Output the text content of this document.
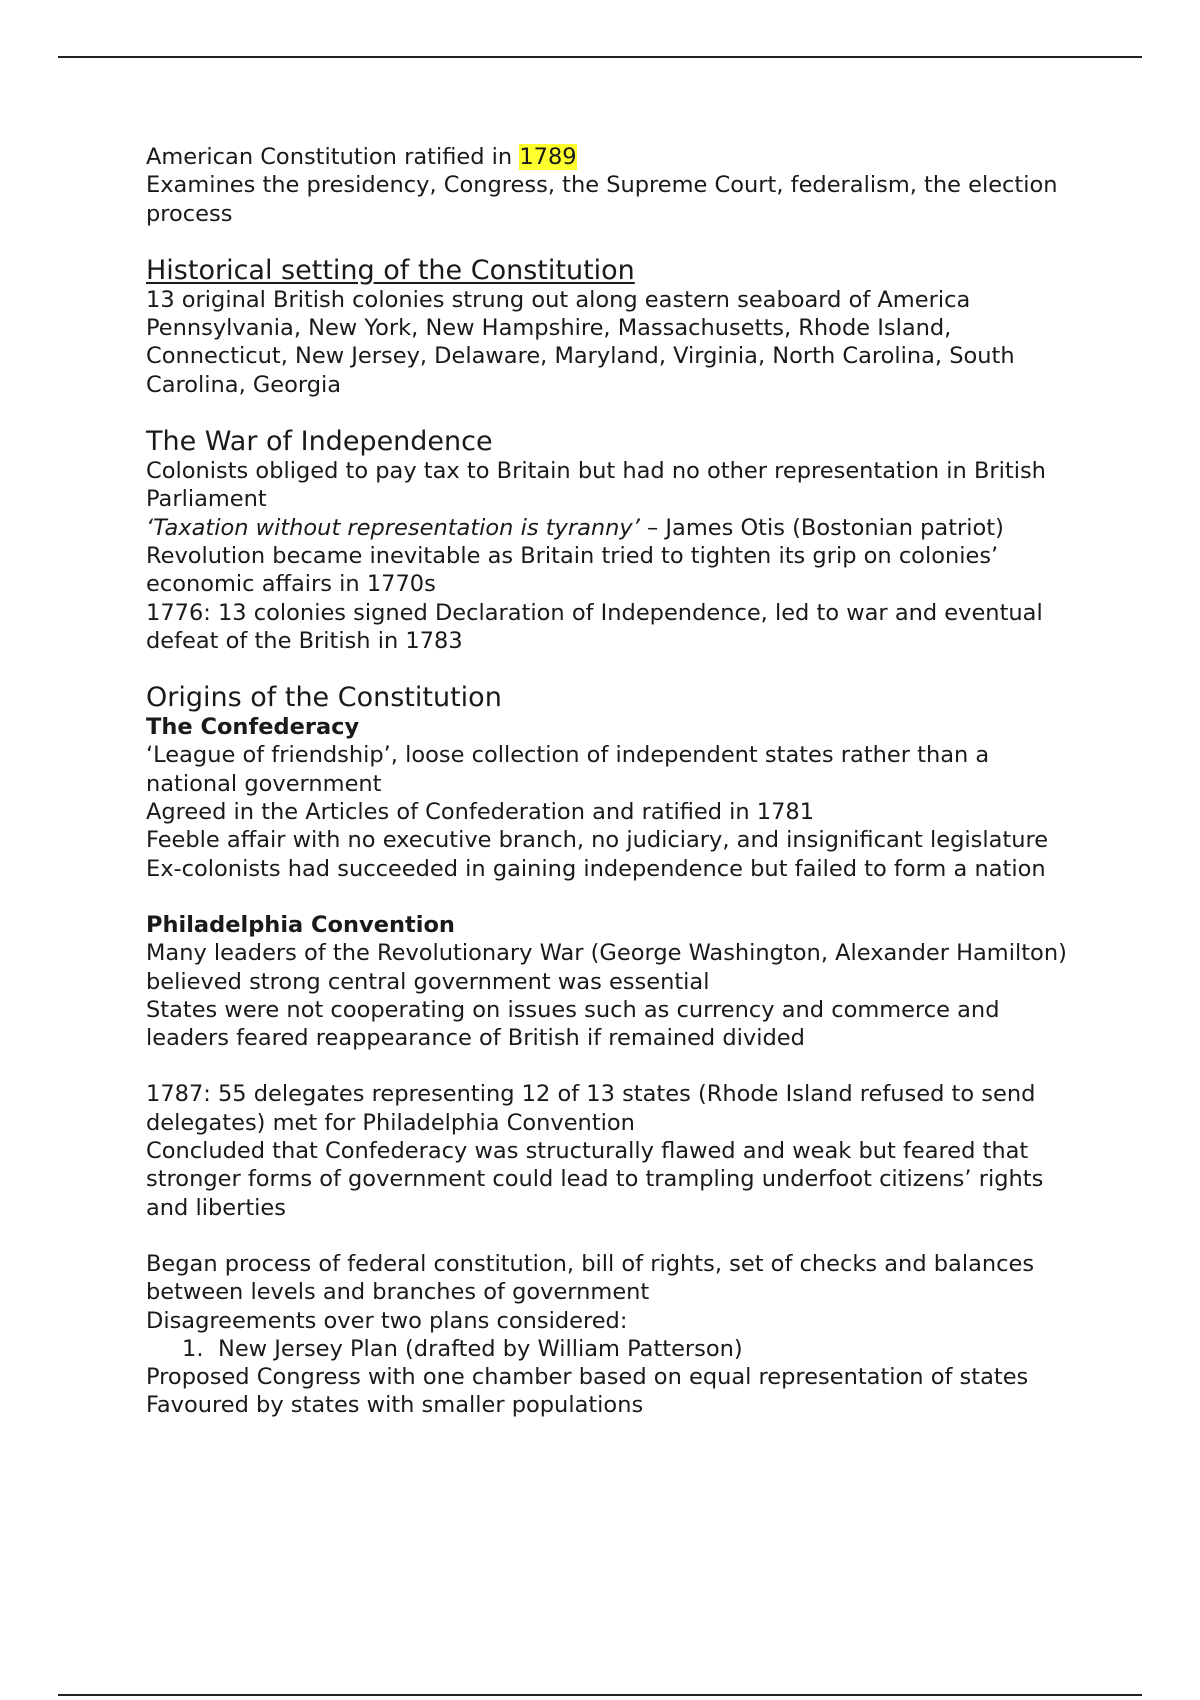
American Constitution ratified in 1789

Examines the presidency, Congress, the Supreme Court, federalism, the election process

Historical setting of the Constitution

13 original British colonies strung out along eastern seaboard of America

Pennsylvania, New York, New Hampshire, Massachusetts, Rhode Island, Connecticut, New Jersey, Delaware, Maryland, Virginia, North Carolina, South Carolina, Georgia

The War of Independence

Colonists obliged to pay tax to Britain but had no other representation in British Parliament

‘Taxation without representation is tyranny’ – James Otis (Bostonian patriot)

Revolution became inevitable as Britain tried to tighten its grip on colonies’ economic affairs in 1770s

1776: 13 colonies signed Declaration of Independence, led to war and eventual defeat of the British in 1783

Origins of the Constitution

The Confederacy

‘League of friendship’, loose collection of independent states rather than a national government

Agreed in the Articles of Confederation and ratified in 1781

Feeble affair with no executive branch, no judiciary, and insignificant legislature

Ex-colonists had succeeded in gaining independence but failed to form a nation

Philadelphia Convention

Many leaders of the Revolutionary War (George Washington, Alexander Hamilton) believed strong central government was essential

States were not cooperating on issues such as currency and commerce and leaders feared reappearance of British if remained divided

1787: 55 delegates representing 12 of 13 states (Rhode Island refused to send delegates) met for Philadelphia Convention

Concluded that Confederacy was structurally flawed and weak but feared that stronger forms of government could lead to trampling underfoot citizens’ rights and liberties

Began process of federal constitution, bill of rights, set of checks and balances between levels and branches of government

Disagreements over two plans considered:

1. New Jersey Plan (drafted by William Patterson)

Proposed Congress with one chamber based on equal representation of states

Favoured by states with smaller populations
